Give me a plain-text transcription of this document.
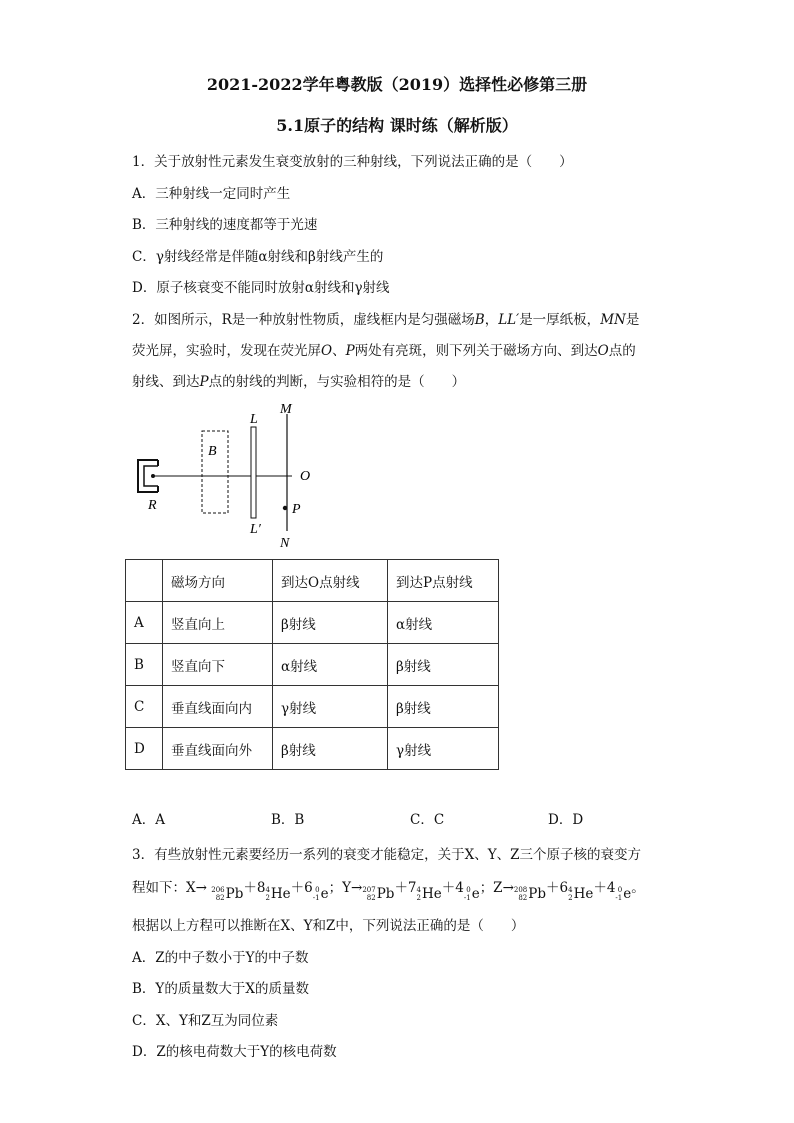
2021-2022学年粤教版（2019）选择性必修第三册
5.1原子的结构 课时练（解析版）
1．关于放射性元素发生衰变放射的三种射线，下列说法正确的是（　　）
A．三种射线一定同时产生
B．三种射线的速度都等于光速
C．γ射线经常是伴随α射线和β射线产生的
D．原子核衰变不能同时放射α射线和γ射线
2．如图所示，R是一种放射性物质，虚线框内是匀强磁场B，LL′是一厚纸板，MN是
荧光屏，实验时，发现在荧光屏O、P两处有亮斑，则下列关于磁场方向、到达O点的
射线、到达P点的射线的判断，与实验相符的是（　　）
R
B
L
L′
M
N
O
P
	磁场方向	到达O点射线	到达P点射线
A	竖直向上	β射线	α射线
B	竖直向下	α射线	β射线
C	垂直线面向内	γ射线	β射线
D	垂直线面向外	β射线	γ射线
A．A	B．B	C．C	D．D
3．有些放射性元素要经历一系列的衰变才能稳定，关于X、Y、Z三个原子核的衰变方
程如下：X→ 206
82 Pb ＋8 4
2 He ＋6 0
-1 e ；Y→ 207
82 Pb ＋7 4
2 He ＋4 0
-1 e ；Z→ 208
82 Pb ＋6 4
2 He ＋4 0
-1 e 。
根据以上方程可以推断在X、Y和Z中，下列说法正确的是（　　）
A．Z的中子数小于Y的中子数
B．Y的质量数大于X的质量数
C．X、Y和Z互为同位素
D．Z的核电荷数大于Y的核电荷数
